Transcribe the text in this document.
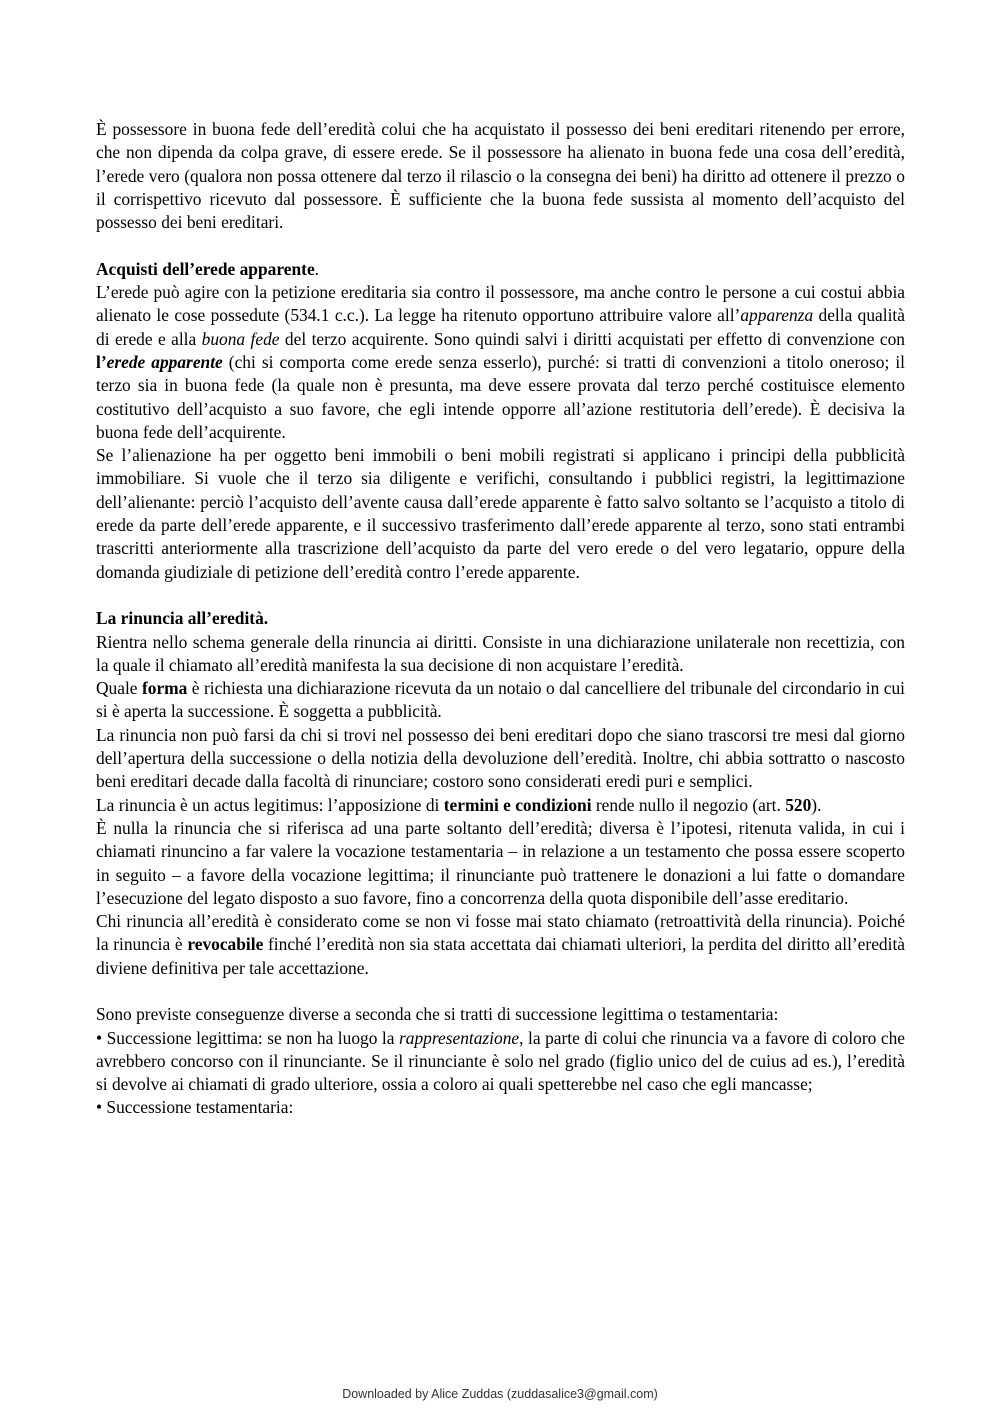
È possessore in buona fede dell’eredità colui che ha acquistato il possesso dei beni ereditari ritenendo per errore, che non dipenda da colpa grave, di essere erede. Se il possessore ha alienato in buona fede una cosa dell’eredità, l’erede vero (qualora non possa ottenere dal terzo il rilascio o la consegna dei beni) ha diritto ad ottenere il prezzo o il corrispettivo ricevuto dal possessore. È sufficiente che la buona fede sussista al momento dell’acquisto del possesso dei beni ereditari.

Acquisti dell’erede apparente.

L’erede può agire con la petizione ereditaria sia contro il possessore, ma anche contro le persone a cui costui abbia alienato le cose possedute (534.1 c.c.). La legge ha ritenuto opportuno attribuire valore all’apparenza della qualità di erede e alla buona fede del terzo acquirente. Sono quindi salvi i diritti acquistati per effetto di convenzione con l’erede apparente (chi si comporta come erede senza esserlo), purché: si tratti di convenzioni a titolo oneroso; il terzo sia in buona fede (la quale non è presunta, ma deve essere provata dal terzo perché costituisce elemento costitutivo dell’acquisto a suo favore, che egli intende opporre all’azione restitutoria dell’erede). È decisiva la buona fede dell’acquirente.

Se l’alienazione ha per oggetto beni immobili o beni mobili registrati si applicano i principi della pubblicità immobiliare. Si vuole che il terzo sia diligente e verifichi, consultando i pubblici registri, la legittimazione dell’alienante: perciò l’acquisto dell’avente causa dall’erede apparente è fatto salvo soltanto se l’acquisto a titolo di erede da parte dell’erede apparente, e il successivo trasferimento dall’erede apparente al terzo, sono stati entrambi trascritti anteriormente alla trascrizione dell’acquisto da parte del vero erede o del vero legatario, oppure della domanda giudiziale di petizione dell’eredità contro l’erede apparente.

La rinuncia all’eredità.

Rientra nello schema generale della rinuncia ai diritti. Consiste in una dichiarazione unilaterale non recettizia, con la quale il chiamato all’eredità manifesta la sua decisione di non acquistare l’eredità.

Quale forma è richiesta una dichiarazione ricevuta da un notaio o dal cancelliere del tribunale del circondario in cui si è aperta la successione. È soggetta a pubblicità.

La rinuncia non può farsi da chi si trovi nel possesso dei beni ereditari dopo che siano trascorsi tre mesi dal giorno dell’apertura della successione o della notizia della devoluzione dell’eredità. Inoltre, chi abbia sottratto o nascosto beni ereditari decade dalla facoltà di rinunciare; costoro sono considerati eredi puri e semplici.

La rinuncia è un actus legitimus: l’apposizione di termini e condizioni rende nullo il negozio (art. 520).

È nulla la rinuncia che si riferisca ad una parte soltanto dell’eredità; diversa è l’ipotesi, ritenuta valida, in cui i chiamati rinuncino a far valere la vocazione testamentaria – in relazione a un testamento che possa essere scoperto in seguito – a favore della vocazione legittima; il rinunciante può trattenere le donazioni a lui fatte o domandare l’esecuzione del legato disposto a suo favore, fino a concorrenza della quota disponibile dell’asse ereditario.

Chi rinuncia all’eredità è considerato come se non vi fosse mai stato chiamato (retroattività della rinuncia). Poiché la rinuncia è revocabile finché l’eredità non sia stata accettata dai chiamati ulteriori, la perdita del diritto all’eredità diviene definitiva per tale accettazione.

Sono previste conseguenze diverse a seconda che si tratti di successione legittima o testamentaria:

• Successione legittima: se non ha luogo la rappresentazione, la parte di colui che rinuncia va a favore di coloro che avrebbero concorso con il rinunciante. Se il rinunciante è solo nel grado (figlio unico del de cuius ad es.), l’eredità si devolve ai chiamati di grado ulteriore, ossia a coloro ai quali spetterebbe nel caso che egli mancasse;

• Successione testamentaria:

Downloaded by Alice Zuddas (zuddasalice3@gmail.com)
